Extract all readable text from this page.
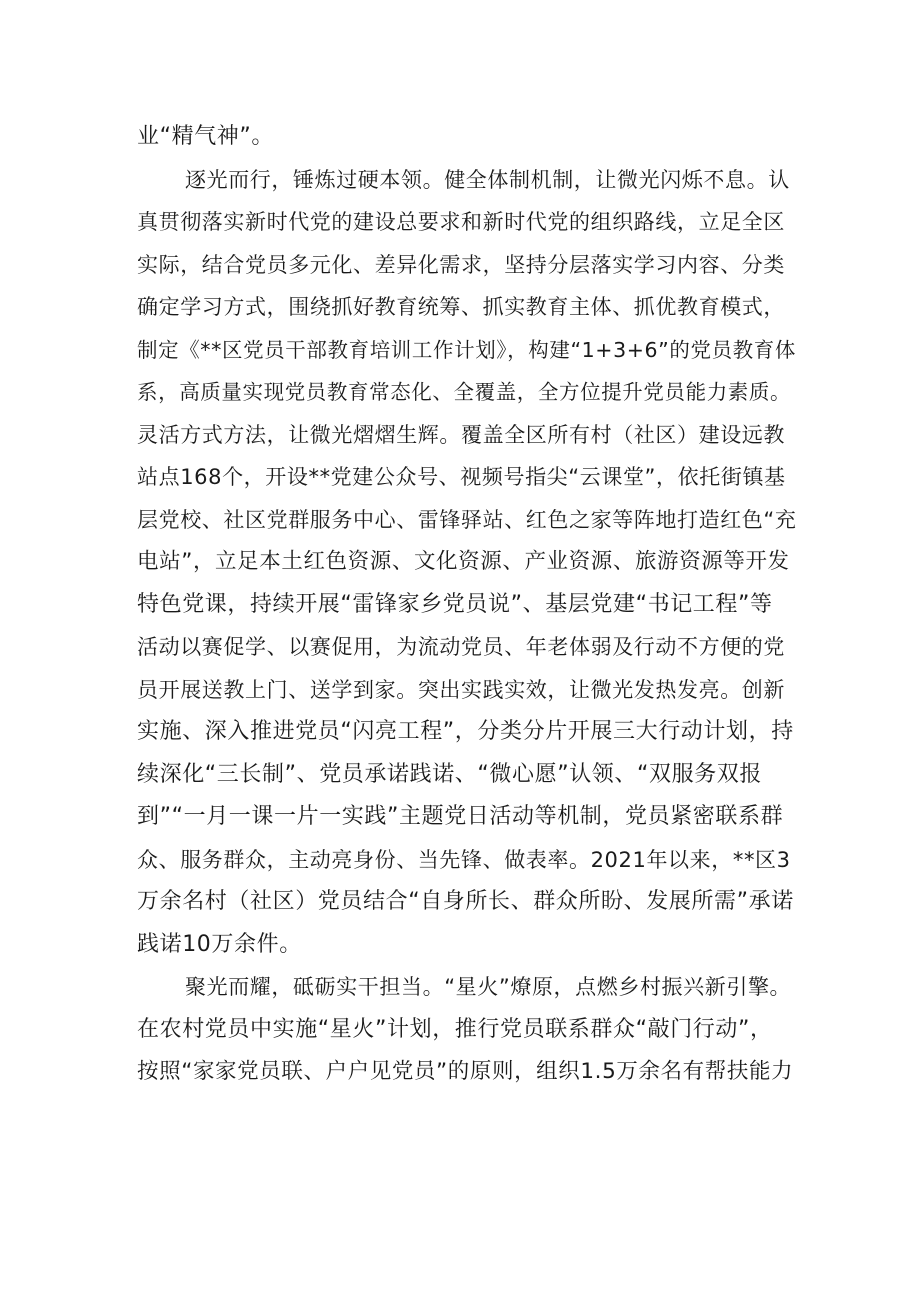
业“精气神”。
逐光而行，锤炼过硬本领。健全体制机制，让微光闪烁不息。认
真贯彻落实新时代党的建设总要求和新时代党的组织路线，立足全区
实际，结合党员多元化、差异化需求，坚持分层落实学习内容、分类
确定学习方式，围绕抓好教育统筹、抓实教育主体、抓优教育模式，
制定《**区党员干部教育培训工作计划》，构建“1+3+6”的党员教育体
系，高质量实现党员教育常态化、全覆盖，全方位提升党员能力素质。
灵活方式方法，让微光熠熠生辉。覆盖全区所有村（社区）建设远教
站点168个，开设**党建公众号、视频号指尖“云课堂”，依托街镇基
层党校、社区党群服务中心、雷锋驿站、红色之家等阵地打造红色“充
电站”，立足本土红色资源、文化资源、产业资源、旅游资源等开发
特色党课，持续开展“雷锋家乡党员说”、基层党建“书记工程”等
活动以赛促学、以赛促用，为流动党员、年老体弱及行动不方便的党
员开展送教上门、送学到家。突出实践实效，让微光发热发亮。创新
实施、深入推进党员“闪亮工程”，分类分片开展三大行动计划，持
续深化“三长制”、党员承诺践诺、“微心愿”认领、“双服务双报
到”“一月一课一片一实践”主题党日活动等机制，党员紧密联系群
众、服务群众，主动亮身份、当先锋、做表率。2021年以来，**区3
万余名村（社区）党员结合“自身所长、群众所盼、发展所需”承诺
践诺10万余件。
聚光而耀，砥砺实干担当。“星火”燎原，点燃乡村振兴新引擎。
在农村党员中实施“星火”计划，推行党员联系群众“敲门行动”，
按照“家家党员联、户户见党员”的原则，组织1.5万余名有帮扶能力
